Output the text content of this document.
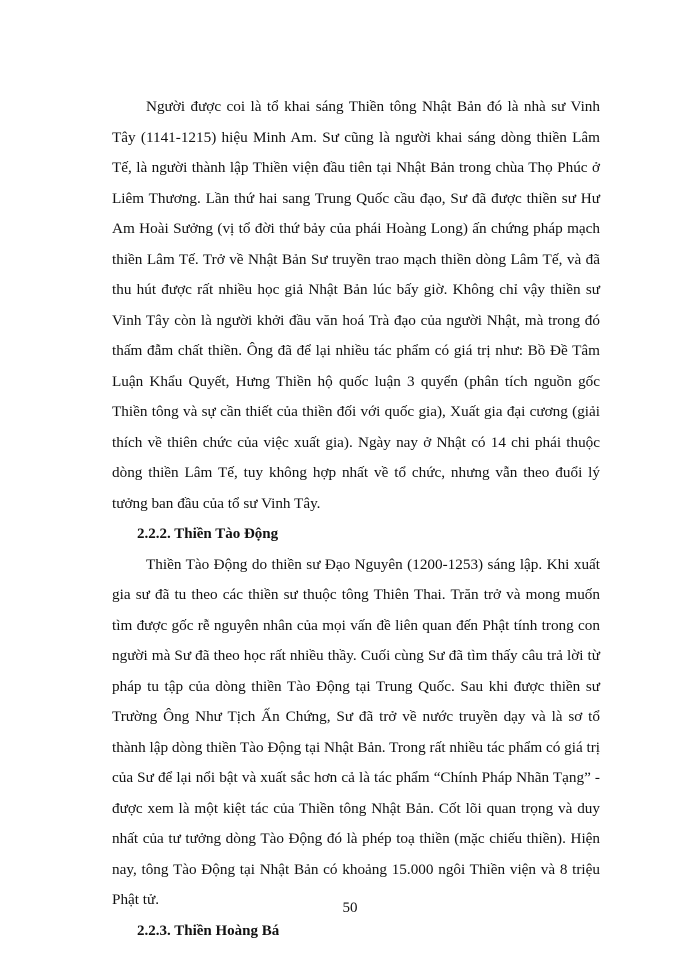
Người được coi là tổ khai sáng Thiền tông Nhật Bản đó là nhà sư Vinh Tây (1141-1215) hiệu Minh Am. Sư cũng là người khai sáng dòng thiền Lâm Tế, là người thành lập Thiền viện đầu tiên tại Nhật Bản trong chùa Thọ Phúc ở Liêm Thương. Lần thứ hai sang Trung Quốc cầu đạo, Sư đã được thiền sư Hư Am Hoài Sưởng (vị tổ đời thứ bảy của phái Hoàng Long) ấn chứng pháp mạch thiền Lâm Tế. Trở về Nhật Bản Sư truyền trao mạch thiền dòng Lâm Tế, và đã thu hút được rất nhiều học giả Nhật Bản lúc bấy giờ. Không chỉ vậy thiền sư Vinh Tây còn là người khởi đầu văn hoá Trà đạo của người Nhật, mà trong đó thấm đẫm chất thiền. Ông đã để lại nhiều tác phẩm có giá trị như: Bồ Đề Tâm Luận Khẩu Quyết, Hưng Thiền hộ quốc luận 3 quyển (phân tích nguồn gốc Thiền tông và sự cần thiết của thiền đối với quốc gia), Xuất gia đại cương (giải thích về thiên chức của việc xuất gia). Ngày nay ở Nhật có 14 chi phái thuộc dòng thiền Lâm Tế, tuy không hợp nhất về tổ chức, nhưng vẫn theo đuổi lý tưởng ban đầu của tổ sư Vinh Tây.

2.2.2. Thiền Tào Động

Thiền Tào Động do thiền sư Đạo Nguyên (1200-1253) sáng lập. Khi xuất gia sư đã tu theo các thiền sư thuộc tông Thiên Thai. Trăn trở và mong muốn tìm được gốc rễ nguyên nhân của mọi vấn đề liên quan đến Phật tính trong con người mà Sư đã theo học rất nhiều thầy. Cuối cùng Sư đã tìm thấy câu trả lời từ pháp tu tập của dòng thiền Tào Động tại Trung Quốc. Sau khi được thiền sư Trường Ông Như Tịch Ấn Chứng, Sư đã trở về nước truyền dạy và là sơ tổ thành lập dòng thiền Tào Động tại Nhật Bản. Trong rất nhiều tác phẩm có giá trị của Sư để lại nổi bật và xuất sắc hơn cả là tác phẩm “Chính Pháp Nhãn Tạng” - được xem là một kiệt tác của Thiền tông Nhật Bản. Cốt lõi quan trọng và duy nhất của tư tưởng dòng Tào Động đó là phép toạ thiền (mặc chiếu thiền). Hiện nay, tông Tào Động tại Nhật Bản có khoảng 15.000 ngôi Thiền viện và 8 triệu Phật tử.

2.2.3. Thiền Hoàng Bá
50
